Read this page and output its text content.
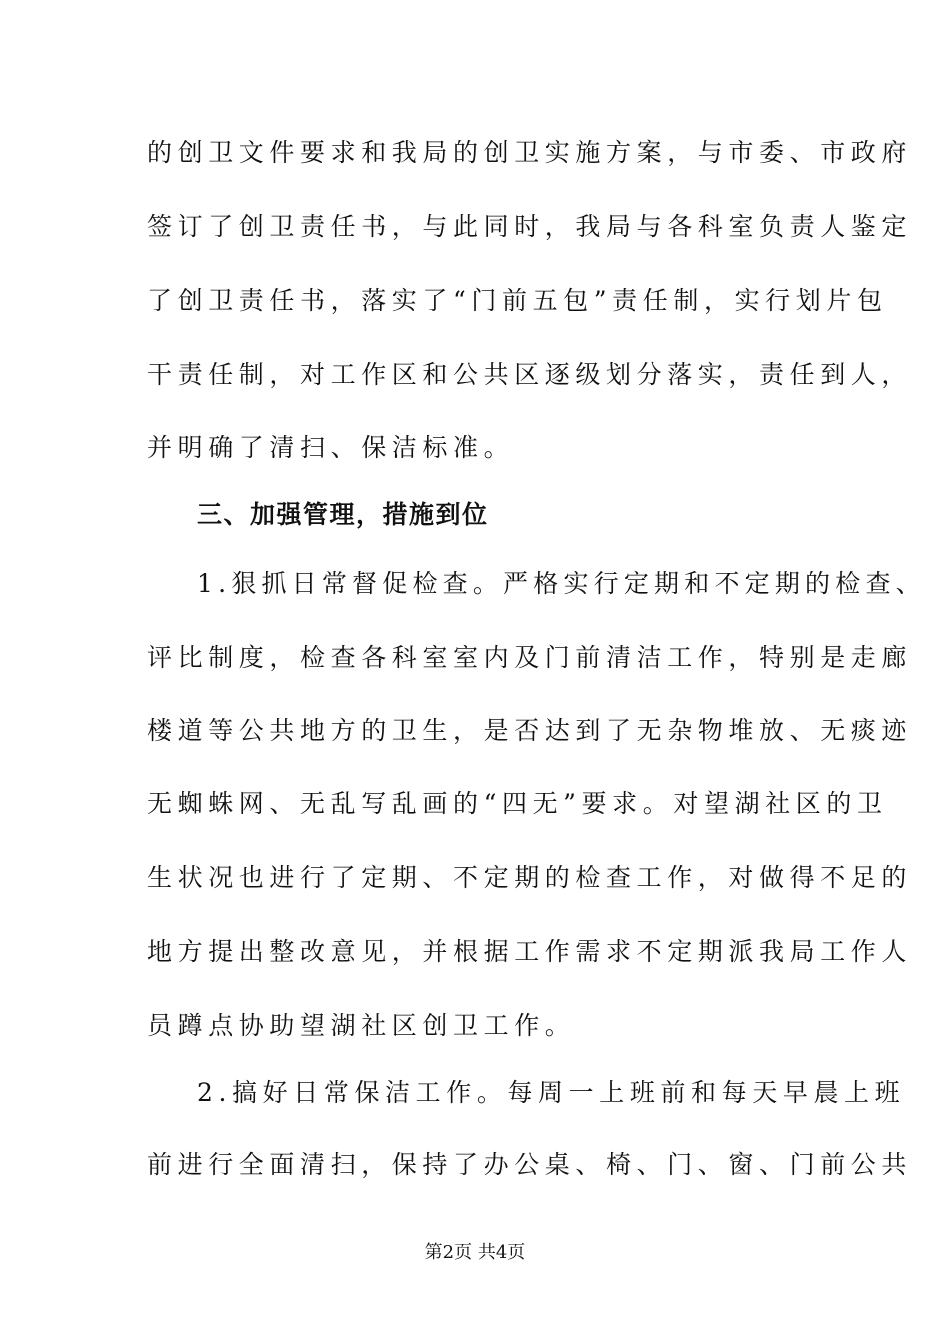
的创卫文件要求和我局的创卫实施方案，与市委、市政府
签订了创卫责任书，与此同时，我局与各科室负责人鉴定
了创卫责任书，落实了“门前五包”责任制，实行划片包
干责任制，对工作区和公共区逐级划分落实，责任到人，
并明确了清扫、保洁标准。
三、加强管理，措施到位
1.狠抓日常督促检查。严格实行定期和不定期的检查、
评比制度，检查各科室室内及门前清洁工作，特别是走廊
楼道等公共地方的卫生，是否达到了无杂物堆放、无痰迹
无蜘蛛网、无乱写乱画的“四无”要求。对望湖社区的卫
生状况也进行了定期、不定期的检查工作，对做得不足的
地方提出整改意见，并根据工作需求不定期派我局工作人
员蹲点协助望湖社区创卫工作。
2.搞好日常保洁工作。每周一上班前和每天早晨上班
前进行全面清扫，保持了办公桌、椅、门、窗、门前公共
第2页 共4页
